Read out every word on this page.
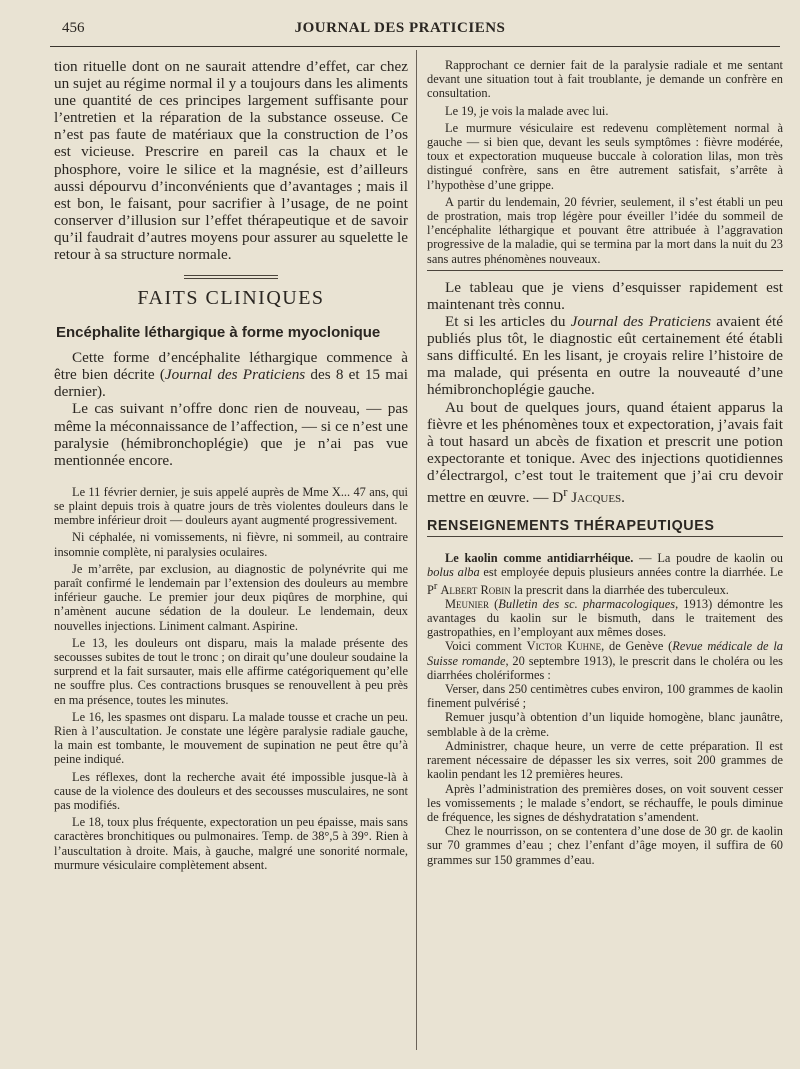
456	JOURNAL DES PRATICIENS

tion rituelle dont on ne saurait attendre d’effet, car chez un sujet au régime normal il y a toujours dans les aliments une quantité de ces principes largement suffisante pour l’entretien et la réparation de la substance osseuse. Ce n’est pas faute de matériaux que la construction de l’os est vicieuse. Prescrire en pareil cas la chaux et le phosphore, voire le silice et la magnésie, est d’ailleurs aussi dépourvu d’inconvénients que d’avantages ; mais il est bon, le faisant, pour sacrifier à l’usage, de ne point conserver d’illusion sur l’effet thérapeutique et de savoir qu’il faudrait d’autres moyens pour assurer au squelette le retour à sa structure normale.

FAITS CLINIQUES
Encéphalite léthargique à forme myoclonique

Cette forme d’encéphalite léthargique commence à être bien décrite (Journal des Praticiens des 8 et 15 mai dernier).

Le cas suivant n’offre donc rien de nouveau, — pas même la méconnaissance de l’affection, — si ce n’est une paralysie (hémibronchoplégie) que je n’ai pas vue mentionnée encore.

Le 11 février dernier, je suis appelé auprès de Mme X... 47 ans, qui se plaint depuis trois à quatre jours de très violentes douleurs dans le membre inférieur droit — douleurs ayant augmenté progressivement.

Ni céphalée, ni vomissements, ni fièvre, ni sommeil, au contraire insomnie complète, ni paralysies oculaires.

Je m’arrête, par exclusion, au diagnostic de polynévrite qui me paraît confirmé le lendemain par l’extension des douleurs au membre inférieur gauche. Le premier jour deux piqûres de morphine, qui n’amènent aucune sédation de la douleur. Le lendemain, deux nouvelles injections. Liniment calmant. Aspirine.

Le 13, les douleurs ont disparu, mais la malade présente des secousses subites de tout le tronc ; on dirait qu’une douleur soudaine la surprend et la fait sursauter, mais elle affirme catégoriquement qu’elle ne souffre plus. Ces contractions brusques se renouvellent à peu près en ma présence, toutes les minutes.

Le 16, les spasmes ont disparu. La malade tousse et crache un peu. Rien à l’auscultation. Je constate une légère paralysie radiale gauche, la main est tombante, le mouvement de supination ne peut être qu’à peine indiqué.

Les réflexes, dont la recherche avait été impossible jusque-là à cause de la violence des douleurs et des secousses musculaires, ne sont pas modifiés.

Le 18, toux plus fréquente, expectoration un peu épaisse, mais sans caractères bronchitiques ou pulmonaires. Temp. de 38°,5 à 39°. Rien à l’auscultation à droite. Mais, à gauche, malgré une sonorité normale, murmure vésiculaire complètement absent.

Rapprochant ce dernier fait de la paralysie radiale et me sentant devant une situation tout à fait troublante, je demande un confrère en consultation.

Le 19, je vois la malade avec lui.

Le murmure vésiculaire est redevenu complètement normal à gauche — si bien que, devant les seuls symptômes : fièvre modérée, toux et expectoration muqueuse buccale à coloration lilas, mon très distingué confrère, sans en être autrement satisfait, s’arrête à l’hypothèse d’une grippe.

A partir du lendemain, 20 février, seulement, il s’est établi un peu de prostration, mais trop légère pour éveiller l’idée du sommeil de l’encéphalite léthargique et pouvant être attribuée à l’aggravation progressive de la maladie, qui se termina par la mort dans la nuit du 23 sans autres phénomènes nouveaux.

Le tableau que je viens d’esquisser rapidement est maintenant très connu.

Et si les articles du Journal des Praticiens avaient été publiés plus tôt, le diagnostic eût certainement été établi sans difficulté. En les lisant, je croyais relire l’histoire de ma malade, qui présenta en outre la nouveauté d’une hémibronchoplégie gauche.

Au bout de quelques jours, quand étaient apparus la fièvre et les phénomènes toux et expectoration, j’avais fait à tout hasard un abcès de fixation et prescrit une potion expectorante et tonique. Avec des injections quotidiennes d’électrargol, c’est tout le traitement que j’ai cru devoir mettre en œuvre. — $D^r$ Jacques.

RENSEIGNEMENTS THÉRAPEUTIQUES

Le kaolin comme antidiarrhéique. — La poudre de kaolin ou bolus alba est employée depuis plusieurs années contre la diarrhée. Le $P^r$ Albert Robin la prescrit dans la diarrhée des tuberculeux.

Meunier (Bulletin des sc. pharmacologiques, 1913) démontre les avantages du kaolin sur le bismuth, dans le traitement des gastropathies, en l’employant aux mêmes doses.

Voici comment Victor Kuhne, de Genève (Revue médicale de la Suisse romande, 20 septembre 1913), le prescrit dans le choléra ou les diarrhées cholériformes :

Verser, dans 250 centimètres cubes environ, 100 grammes de kaolin finement pulvérisé ;

Remuer jusqu’à obtention d’un liquide homogène, blanc jaunâtre, semblable à de la crème.

Administrer, chaque heure, un verre de cette préparation. Il est rarement nécessaire de dépasser les six verres, soit 200 grammes de kaolin pendant les 12 premières heures.

Après l’administration des premières doses, on voit souvent cesser les vomissements ; le malade s’endort, se réchauffe, le pouls diminue de fréquence, les signes de déshydratation s’amendent.

Chez le nourrisson, on se contentera d’une dose de 30 gr. de kaolin sur 70 grammes d’eau ; chez l’enfant d’âge moyen, il suffira de 60 grammes sur 150 grammes d’eau.
